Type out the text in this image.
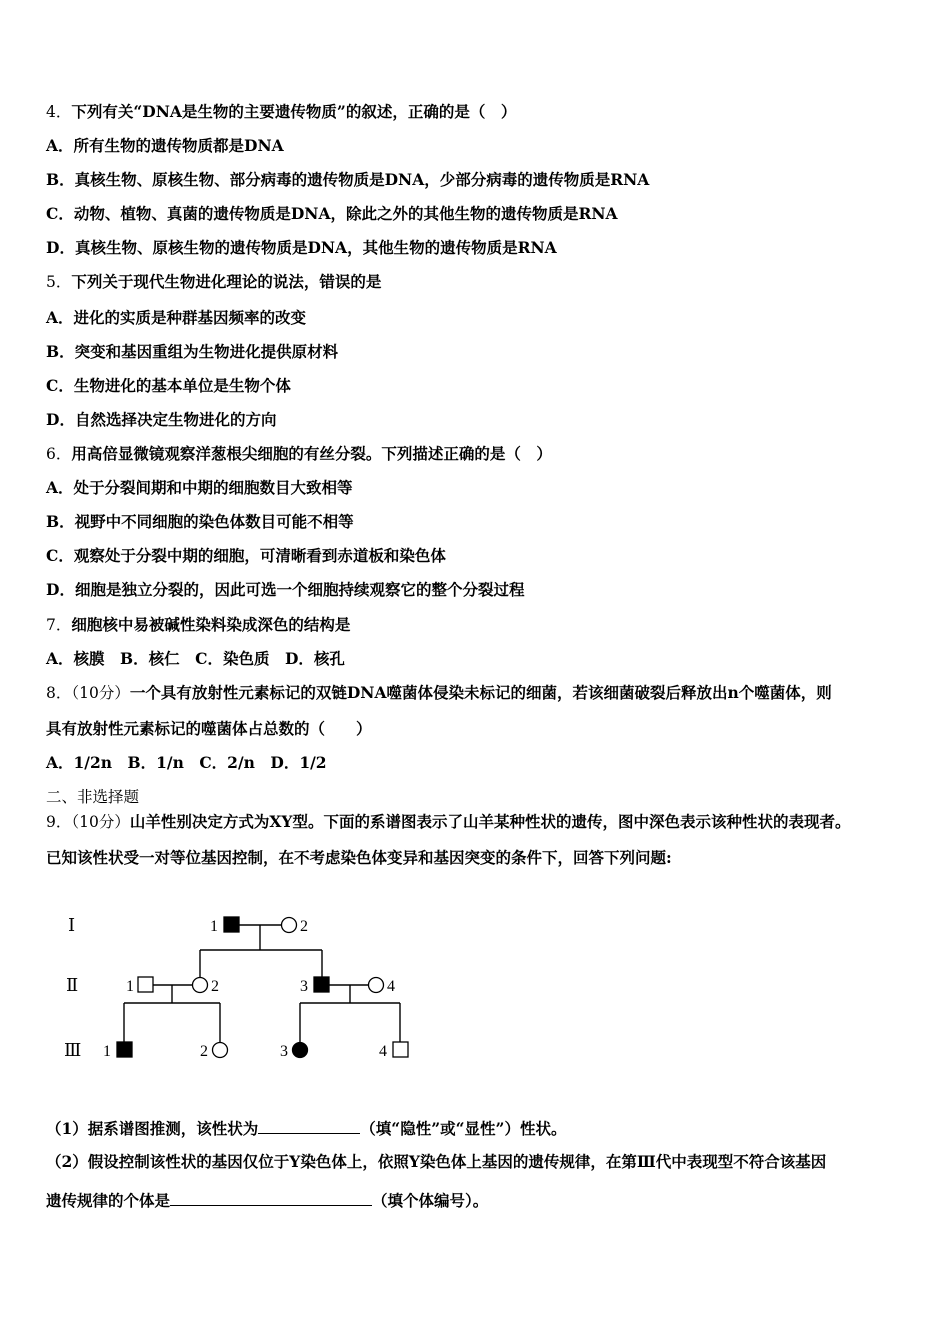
4．下列有关“DNA是生物的主要遗传物质”的叙述，正确的是（　）
A．所有生物的遗传物质都是DNA
B．真核生物、原核生物、部分病毒的遗传物质是DNA，少部分病毒的遗传物质是RNA
C．动物、植物、真菌的遗传物质是DNA，除此之外的其他生物的遗传物质是RNA
D．真核生物、原核生物的遗传物质是DNA，其他生物的遗传物质是RNA
5．下列关于现代生物进化理论的说法，错误的是
A．进化的实质是种群基因频率的改变
B．突变和基因重组为生物进化提供原材料
C．生物进化的基本单位是生物个体
D．自然选择决定生物进化的方向
6．用高倍显微镜观察洋葱根尖细胞的有丝分裂。下列描述正确的是（　）
A．处于分裂间期和中期的细胞数目大致相等
B．视野中不同细胞的染色体数目可能不相等
C．观察处于分裂中期的细胞，可清晰看到赤道板和染色体
D．细胞是独立分裂的，因此可选一个细胞持续观察它的整个分裂过程
7．细胞核中易被碱性染料染成深色的结构是
A．核膜　B．核仁　C．染色质　D．核孔
8．（10分）一个具有放射性元素标记的双链DNA噬菌体侵染未标记的细菌，若该细菌破裂后释放出n个噬菌体，则
具有放射性元素标记的噬菌体占总数的（　　）
A．1/2n　B．1/n　C．2/n　D．1/2
二、非选择题
9．（10分）山羊性别决定方式为XY型。下面的系谱图表示了山羊某种性状的遗传，图中深色表示该种性状的表现者。
已知该性状受一对等位基因控制，在不考虑染色体变异和基因突变的条件下，回答下列问题:
Ⅰ
Ⅱ
Ⅲ
1	2
1	2	3	4
1	2	3	4
（1）据系谱图推测，该性状为	（填“隐性”或“显性”）性状。
（2）假设控制该性状的基因仅位于Y染色体上，依照Y染色体上基因的遗传规律，在第Ⅲ代中表现型不符合该基因
遗传规律的个体是	（填个体编号）。
